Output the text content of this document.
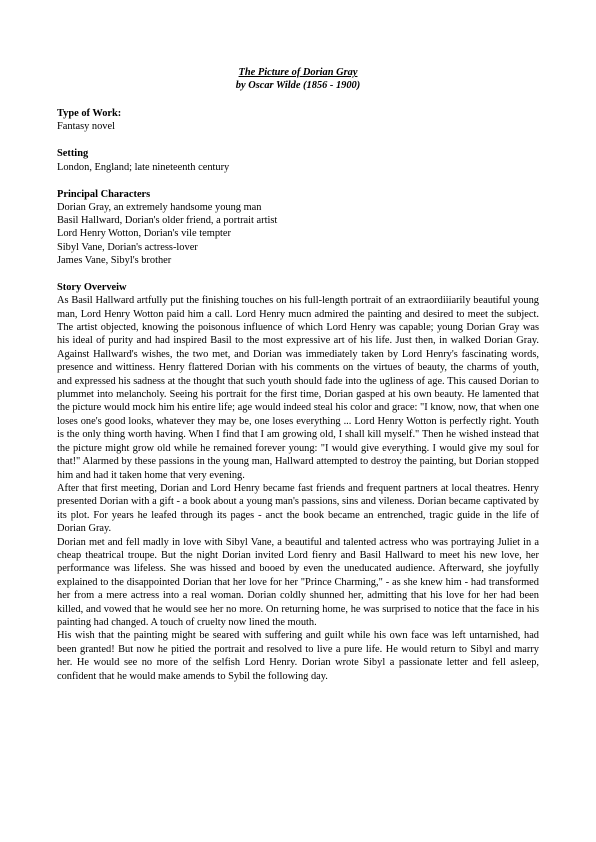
The Picture of Dorian Gray
by Oscar Wilde (1856 - 1900)
Type of Work:

Fantasy novel

Setting

London, England; late nineteenth century

Principal Characters

Dorian Gray, an extremely handsome young man

Basil Hallward, Dorian's older friend, a portrait artist

Lord Henry Wotton, Dorian's vile tempter

Sibyl Vane, Dorian's actress-lover

James Vane, Sibyl's brother

Story Overveiw

As Basil Hallward artfully put the finishing touches on his full-length portrait of an extraordiiiarily beautiful young man, Lord Henry Wotton paid him a call. Lord Henry mucn admired the painting and desired to meet the subject. The artist objected, knowing the poisonous influence of which Lord Henry was capable; young Dorian Gray was his ideal of purity and had inspired Basil to the most expressive art of his life. Just then, in walked Dorian Gray. Against Hallward's wishes, the two met, and Dorian was immediately taken by Lord Henry's fascinating words, presence and wittiness. Henry flattered Dorian with his comments on the virtues of beauty, the charms of youth, and expressed his sadness at the thought that such youth should fade into the ugliness of age. This caused Dorian to plummet into melancholy. Seeing his portrait for the first time, Dorian gasped at his own beauty. He lamented that the picture would mock him his entire life; age would indeed steal his color and grace: "I know, now, that when one loses one's good looks, whatever they may be, one loses everything ... Lord Henry Wotton is perfectly right. Youth is the only thing worth having. When I find that I am growing old, I shall kill myself." Then he wished instead that the picture might grow old while he remained forever young: "I would give everything. I would give my soul for that!" Alarmed by these passions in the young man, Hallward attempted to destroy the painting, but Dorian stopped him and had it taken home that very evening.

After that first meeting, Dorian and Lord Henry became fast friends and frequent partners at local theatres. Henry presented Dorian with a gift - a book about a young man's passions, sins and vileness. Dorian became captivated by its plot. For years he leafed through its pages - anct the book became an entrenched, tragic guide in the life of Dorian Gray.

Dorian met and fell madly in love with Sibyl Vane, a beautiful and talented actress who was portraying Juliet in a cheap theatrical troupe. But the night Dorian invited Lord fienry and Basil Hallward to meet his new love, her performance was lifeless. She was hissed and booed by even the uneducated audience. Afterward, she joyfully explained to the disappointed Dorian that her love for her "Prince Charming," - as she knew him - had transformed her from a mere actress into a real woman. Dorian coldly shunned her, admitting that his love for her had been killed, and vowed that he would see her no more. On returning home, he was surprised to notice that the face in his painting had changed. A touch of cruelty now lined the mouth.

His wish that the painting might be seared with suffering and guilt while his own face was left untarnished, had been granted! But now he pitied the portrait and resolved to live a pure life. He would return to Sibyl and marry her. He would see no more of the selfish Lord Henry. Dorian wrote Sibyl a passionate letter and fell asleep, confident that he would make amends to Sybil the following day.
